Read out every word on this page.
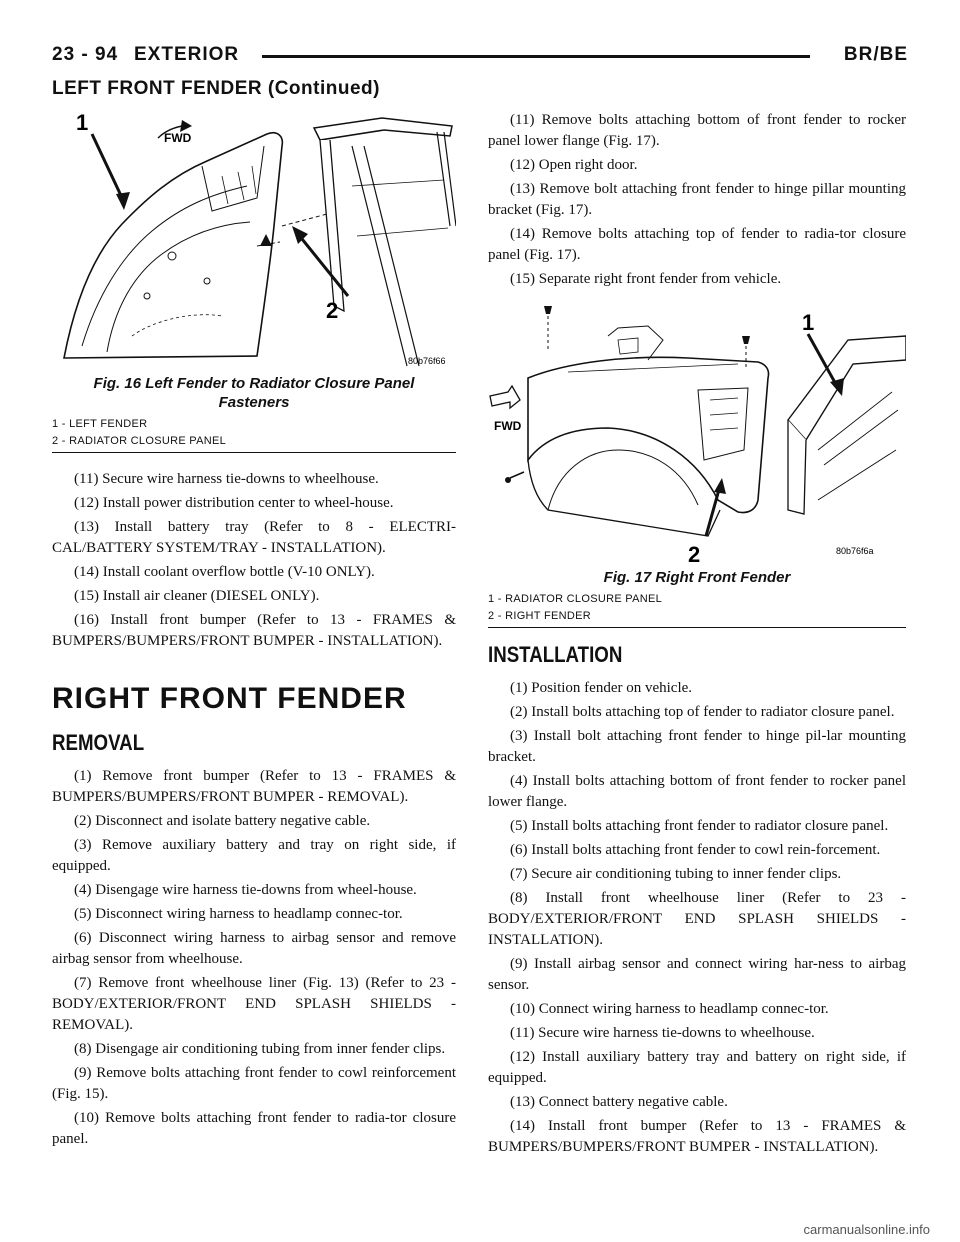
23 - 94 EXTERIOR	BR/BE
LEFT FRONT FENDER (Continued)
1
2
FWD
80b76f66
Fig. 16 Left Fender to Radiator Closure Panel Fasteners
1 - LEFT FENDER
2 - RADIATOR CLOSURE PANEL

(11) Secure wire harness tie-downs to wheelhouse.

(12) Install power distribution center to wheel-house.

(13) Install battery tray (Refer to 8 - ELECTRI-CAL/BATTERY SYSTEM/TRAY - INSTALLATION).

(14) Install coolant overflow bottle (V-10 ONLY).

(15) Install air cleaner (DIESEL ONLY).

(16) Install front bumper (Refer to 13 - FRAMES & BUMPERS/BUMPERS/FRONT BUMPER - INSTALLATION).

RIGHT FRONT FENDER
REMOVAL

(1) Remove front bumper (Refer to 13 - FRAMES & BUMPERS/BUMPERS/FRONT BUMPER - REMOVAL).

(2) Disconnect and isolate battery negative cable.

(3) Remove auxiliary battery and tray on right side, if equipped.

(4) Disengage wire harness tie-downs from wheel-house.

(5) Disconnect wiring harness to headlamp connec-tor.

(6) Disconnect wiring harness to airbag sensor and remove airbag sensor from wheelhouse.

(7) Remove front wheelhouse liner (Fig. 13) (Refer to 23 - BODY/EXTERIOR/FRONT END SPLASH SHIELDS - REMOVAL).

(8) Disengage air conditioning tubing from inner fender clips.

(9) Remove bolts attaching front fender to cowl reinforcement (Fig. 15).

(10) Remove bolts attaching front fender to radia-tor closure panel.

(11) Remove bolts attaching bottom of front fender to rocker panel lower flange (Fig. 17).

(12) Open right door.

(13) Remove bolt attaching front fender to hinge pillar mounting bracket (Fig. 17).

(14) Remove bolts attaching top of fender to radia-tor closure panel (Fig. 17).

(15) Separate right front fender from vehicle.

1
2
FWD
80b76f6a
Fig. 17 Right Front Fender
1 - RADIATOR CLOSURE PANEL
2 - RIGHT FENDER
INSTALLATION

(1) Position fender on vehicle.

(2) Install bolts attaching top of fender to radiator closure panel.

(3) Install bolt attaching front fender to hinge pil-lar mounting bracket.

(4) Install bolts attaching bottom of front fender to rocker panel lower flange.

(5) Install bolts attaching front fender to radiator closure panel.

(6) Install bolts attaching front fender to cowl rein-forcement.

(7) Secure air conditioning tubing to inner fender clips.

(8) Install front wheelhouse liner (Refer to 23 - BODY/EXTERIOR/FRONT END SPLASH SHIELDS - INSTALLATION).

(9) Install airbag sensor and connect wiring har-ness to airbag sensor.

(10) Connect wiring harness to headlamp connec-tor.

(11) Secure wire harness tie-downs to wheelhouse.

(12) Install auxiliary battery tray and battery on right side, if equipped.

(13) Connect battery negative cable.

(14) Install front bumper (Refer to 13 - FRAMES & BUMPERS/BUMPERS/FRONT BUMPER - INSTALLATION).

carmanualsonline.info
